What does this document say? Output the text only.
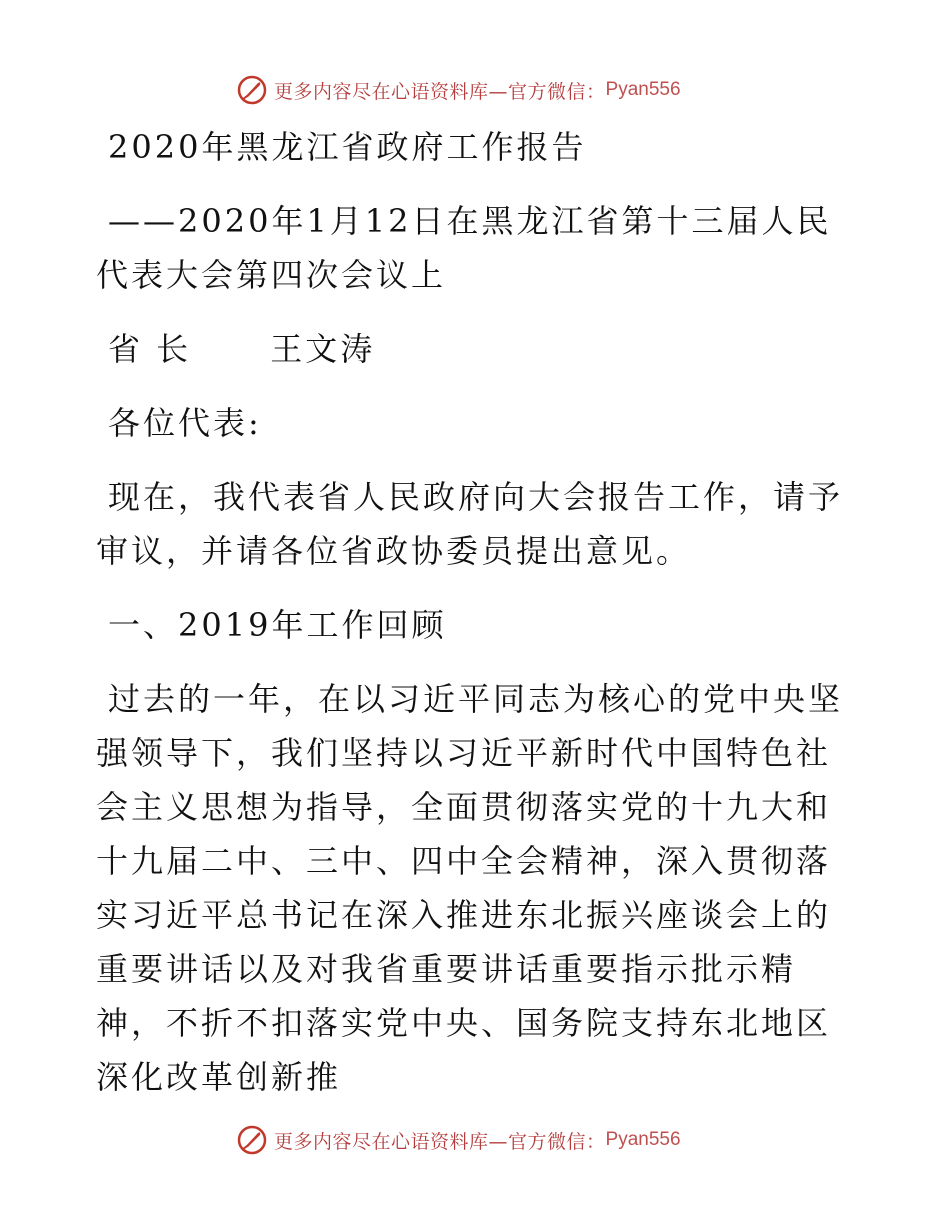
更多内容尽在心语资料库—官方微信： Pyan556

2020年黑龙江省政府工作报告

——2020年1月12日在黑龙江省第十三届人民代表大会第四次会议上

省 长 王文涛

各位代表:

现在，我代表省人民政府向大会报告工作，请予审议，并请各位省政协委员提出意见。

一、2019年工作回顾

过去的一年，在以习近平同志为核心的党中央坚强领导下，我们坚持以习近平新时代中国特色社会主义思想为指导，全面贯彻落实党的十九大和十九届二中、三中、四中全会精神，深入贯彻落实习近平总书记在深入推进东北振兴座谈会上的重要讲话以及对我省重要讲话重要指示批示精神，不折不扣落实党中央、国务院支持东北地区深化改革创新推

更多内容尽在心语资料库—官方微信： Pyan556
